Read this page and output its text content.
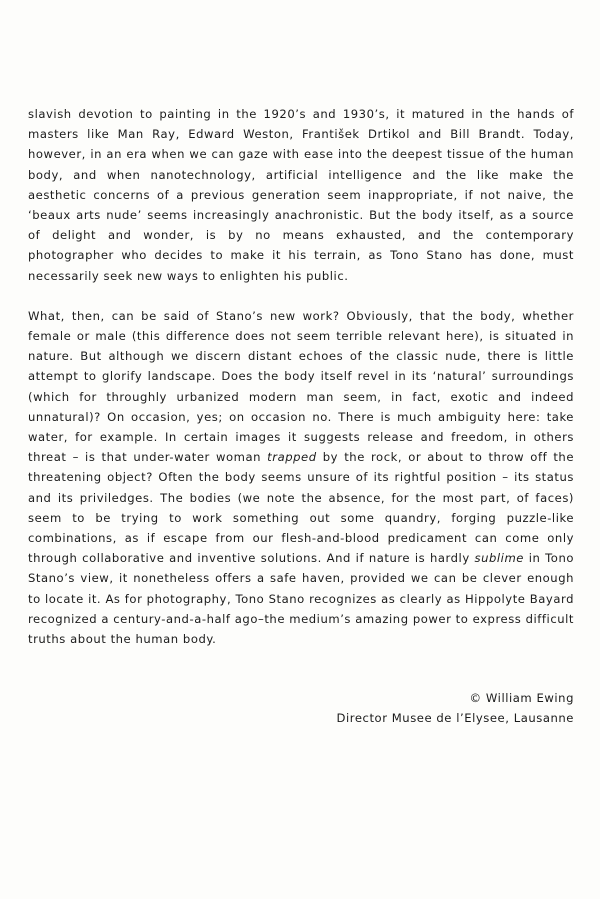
slavish devotion to painting in the 1920’s and 1930’s, it matured in the hands of masters like Man Ray, Edward Weston, František Drtikol and Bill Brandt. Today, however, in an era when we can gaze with ease into the deepest tissue of the human body, and when nanotechnology, artificial intelligence and the like make the aesthetic concerns of a previous generation seem inappropriate, if not naive, the ‘beaux arts nude’ seems increasingly anachronistic. But the body itself, as a source of delight and wonder, is by no means exhausted, and the contemporary photographer who decides to make it his terrain, as Tono Stano has done, must necessarily seek new ways to enlighten his public.

What, then, can be said of Stano’s new work? Obviously, that the body, whether female or male (this difference does not seem terrible relevant here), is situated in nature. But although we discern distant echoes of the classic nude, there is little attempt to glorify landscape. Does the body itself revel in its ‘natural’ surroundings (which for throughly urbanized modern man seem, in fact, exotic and indeed unnatural)? On occasion, yes; on occasion no. There is much ambiguity here: take water, for example. In certain images it suggests release and freedom, in others threat – is that under-water woman trapped by the rock, or about to throw off the threatening object? Often the body seems unsure of its rightful position – its status and its priviledges. The bodies (we note the absence, for the most part, of faces) seem to be trying to work something out some quandry, forging puzzle-like combinations, as if escape from our flesh-and-blood predicament can come only through collaborative and inventive solutions. And if nature is hardly sublime in Tono Stano’s view, it nonetheless offers a safe haven, provided we can be clever enough to locate it. As for photography, Tono Stano recognizes as clearly as Hippolyte Bayard recognized a century-and-a-half ago–the medium’s amazing power to express difficult truths about the human body.

© William Ewing
Director Musee de l’Elysee, Lausanne
